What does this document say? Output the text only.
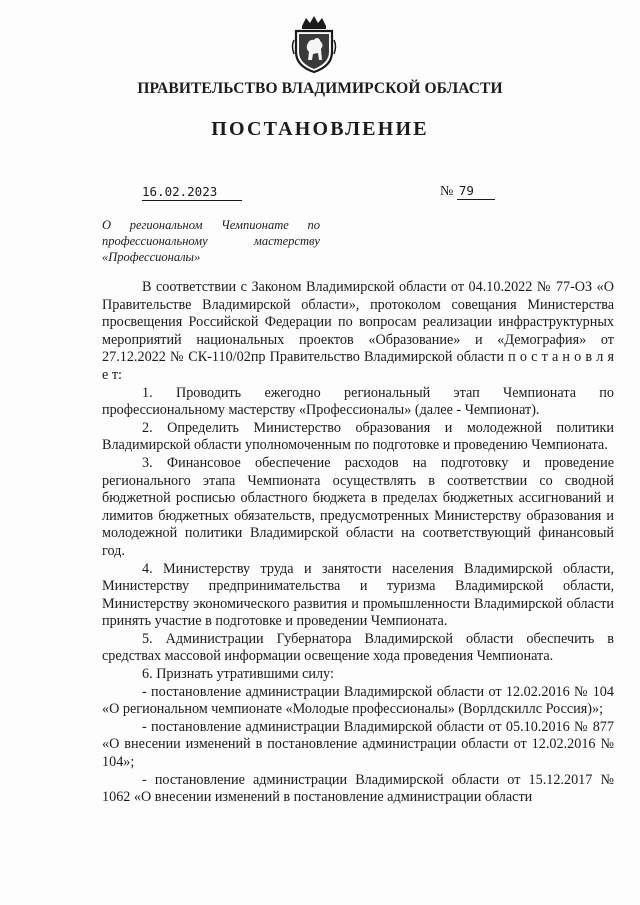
ПРАВИТЕЛЬСТВО ВЛАДИМИРСКОЙ ОБЛАСТИ
ПОСТАНОВЛЕНИЕ
16.02.2023	№ 79
О региональном Чемпионате по
профессиональному мастерству
«Профессионалы»

В соответствии с Законом Владимирской области от 04.10.2022 № 77-ОЗ «О Правительстве Владимирской области», протоколом совещания Министерства просвещения Российской Федерации по вопросам реализации инфраструктурных мероприятий национальных проектов «Образование» и «Демография» от 27.12.2022 № СК-110/02пр Правительство Владимирской области п о с т а н о в л я е т:

1. Проводить ежегодно региональный этап Чемпионата по профессиональному мастерству «Профессионалы» (далее - Чемпионат).

2. Определить Министерство образования и молодежной политики Владимирской области уполномоченным по подготовке и проведению Чемпионата.

3. Финансовое обеспечение расходов на подготовку и проведение регионального этапа Чемпионата осуществлять в соответствии со сводной бюджетной росписью областного бюджета в пределах бюджетных ассигнований и лимитов бюджетных обязательств, предусмотренных Министерству образования и молодежной политики Владимирской области на соответствующий финансовый год.

4. Министерству труда и занятости населения Владимирской области, Министерству предпринимательства и туризма Владимирской области, Министерству экономического развития и промышленности Владимирской области принять участие в подготовке и проведении Чемпионата.

5. Администрации Губернатора Владимирской области обеспечить в средствах массовой информации освещение хода проведения Чемпионата.

6. Признать утратившими силу:

- постановление администрации Владимирской области от 12.02.2016 № 104 «О региональном чемпионате «Молодые профессионалы» (Ворлдскиллс Россия)»;

- постановление администрации Владимирской области от 05.10.2016 № 877 «О внесении изменений в постановление администрации области от 12.02.2016 № 104»;

- постановление администрации Владимирской области от 15.12.2017 № 1062 «О внесении изменений в постановление администрации области
